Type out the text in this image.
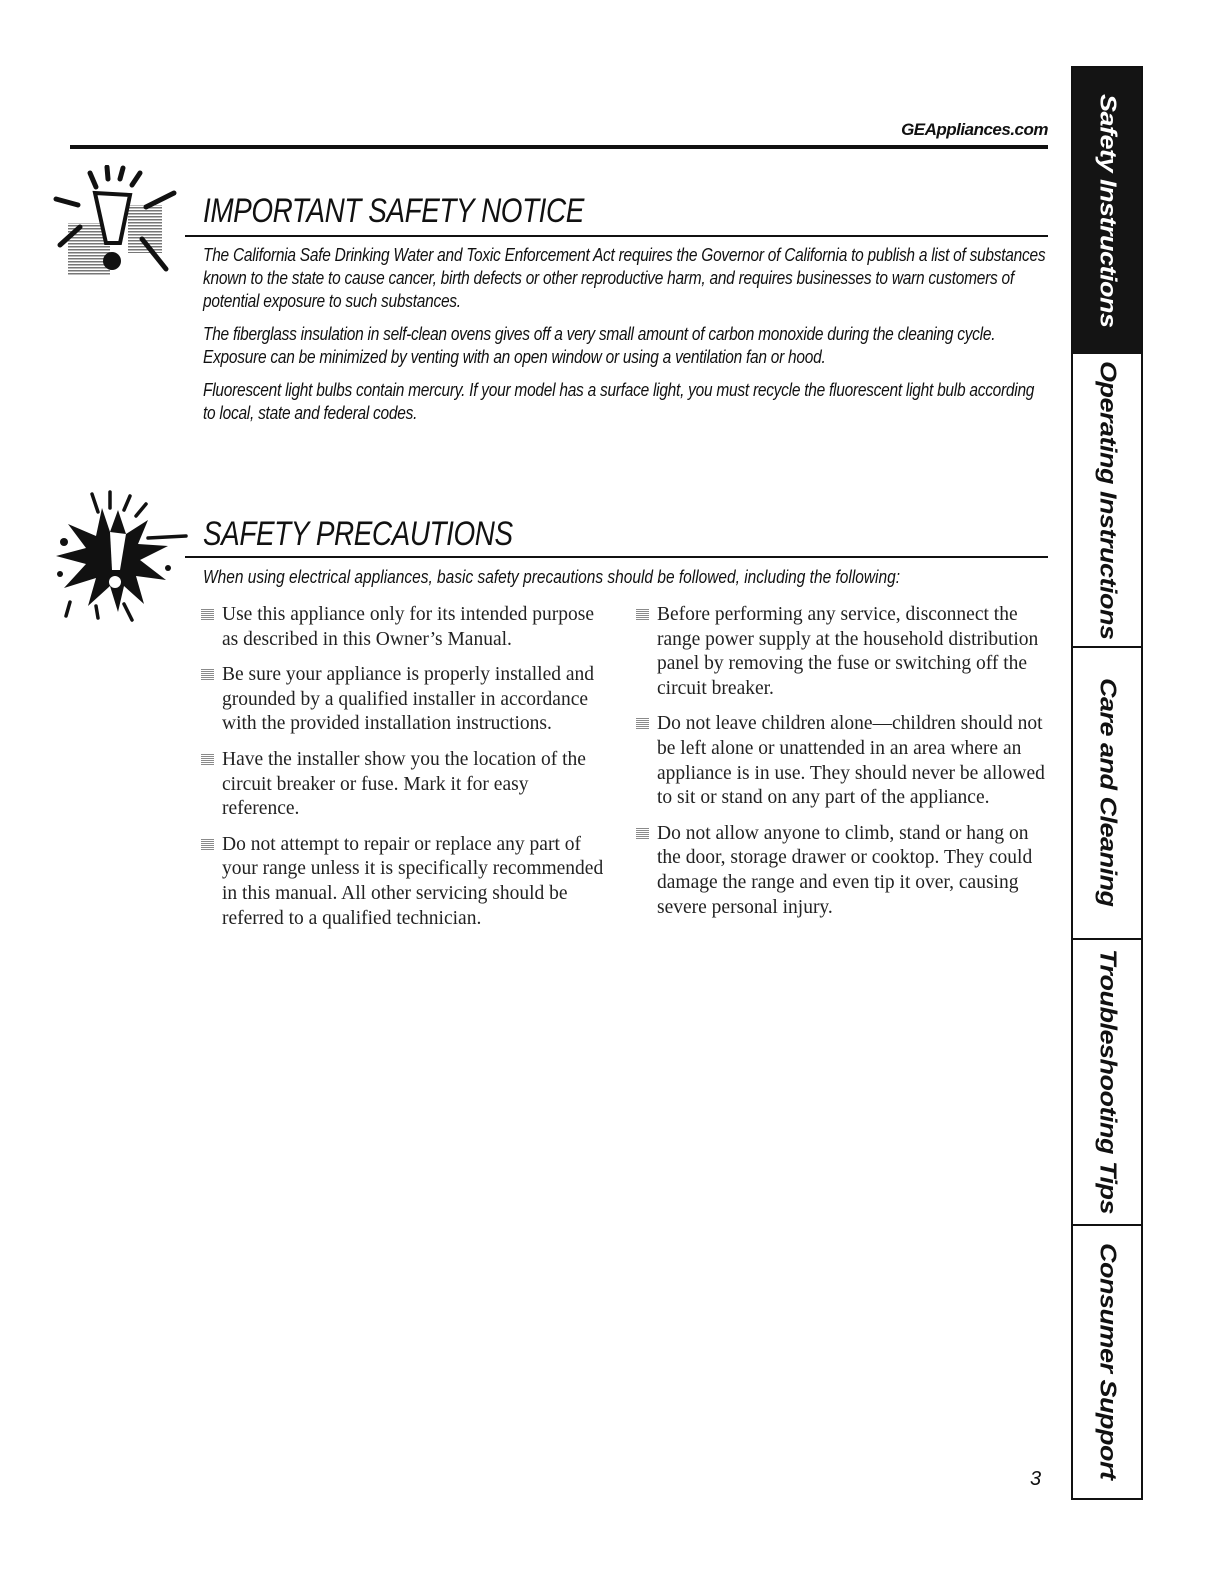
GEAppliances.com
IMPORTANT SAFETY NOTICE

The California Safe Drinking Water and Toxic Enforcement Act requires the Governor of California to publish a list of substances known to the state to cause cancer, birth defects or other reproductive harm, and requires businesses to warn customers of potential exposure to such substances.

The fiberglass insulation in self-clean ovens gives off a very small amount of carbon monoxide during the cleaning cycle. Exposure can be minimized by venting with an open window or using a ventilation fan or hood.

Fluorescent light bulbs contain mercury. If your model has a surface light, you must recycle the fluorescent light bulb according to local, state and federal codes.

SAFETY PRECAUTIONS
When using electrical appliances, basic safety precautions should be followed, including the following:
Use this appliance only for its intended purpose as described in this Owner’s Manual.
Be sure your appliance is properly installed and grounded by a qualified installer in accordance with the provided installation instructions.
Have the installer show you the location of the circuit breaker or fuse. Mark it for easy reference.
Do not attempt to repair or replace any part of your range unless it is specifically recommended in this manual. All other servicing should be referred to a qualified technician.
Before performing any service, disconnect the range power supply at the household distribution panel by removing the fuse or switching off the circuit breaker.
Do not leave children alone—children should not be left alone or unattended in an area where an appliance is in use. They should never be allowed to sit or stand on any part of the appliance.
Do not allow anyone to climb, stand or hang on the door, storage drawer or cooktop. They could damage the range and even tip it over, causing severe personal injury.
Safety Instructions
Operating Instructions
Care and Cleaning
Troubleshooting Tips
Consumer Support
3
